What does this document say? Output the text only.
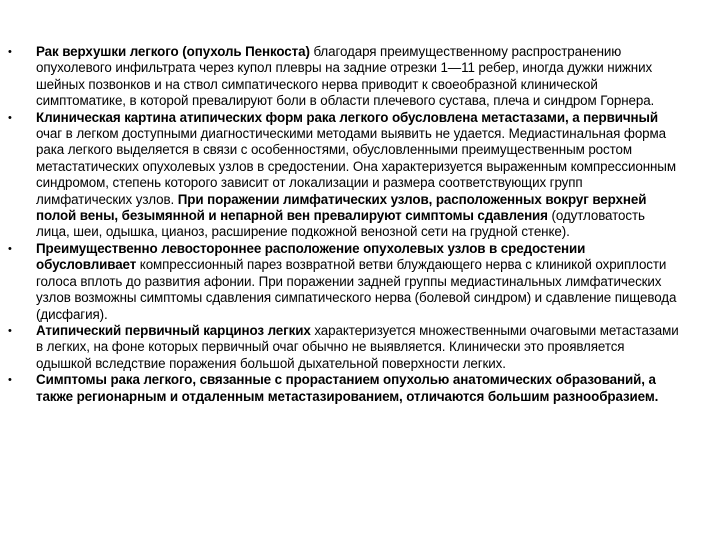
•	Рак верхушки легкого (опухоль Пенкоста) благодаря преимущественному распространению опухолевого инфильтрата через купол плевры на задние отрезки 1—11 ребер, иногда дужки нижних шейных позвонков и на ствол симпатического нерва приводит к своеобразной клинической симптоматике, в которой превалируют боли в области плечевого сустава, плеча и синдром Горнера.
•	Клиническая картина атипических форм рака легкого обусловлена метастазами, а первичный очаг в легком доступными диагностическими методами выявить не удается. Медиастинальная форма рака легкого выделяется в связи с особенностями, обусловленными преимущественным ростом метастатических опухолевых узлов в средостении. Она характеризуется выраженным компрессионным синдромом, степень которого зависит от локализации и размера соответствующих групп лимфатических узлов. При поражении лимфатических узлов, расположенных вокруг верхней полой вены, безымянной и непарной вен превалируют симптомы сдавления (одутловатость лица, шеи, одышка, цианоз, расширение подкожной венозной сети на грудной стенке).
•	Преимущественно левостороннее расположение опухолевых узлов в средостении обусловливает компрессионный парез возвратной ветви блуждающего нерва с клиникой охриплости голоса вплоть до развития афонии. При поражении задней группы медиастинальных лимфатических узлов возможны симптомы сдавления симпатического нерва (болевой синдром) и сдавление пищевода (дисфагия).
•	Атипический первичный карциноз легких характеризуется множественными очаговыми метастазами в легких, на фоне которых первичный очаг обычно не выявляется. Клинически это проявляется одышкой вследствие поражения большой дыхательной поверхности легких.
•	Симптомы рака легкого, связанные с прорастанием опухолью анатомических образований, а также регионарным и отдаленным метастазированием, отличаются большим разнообразием.
